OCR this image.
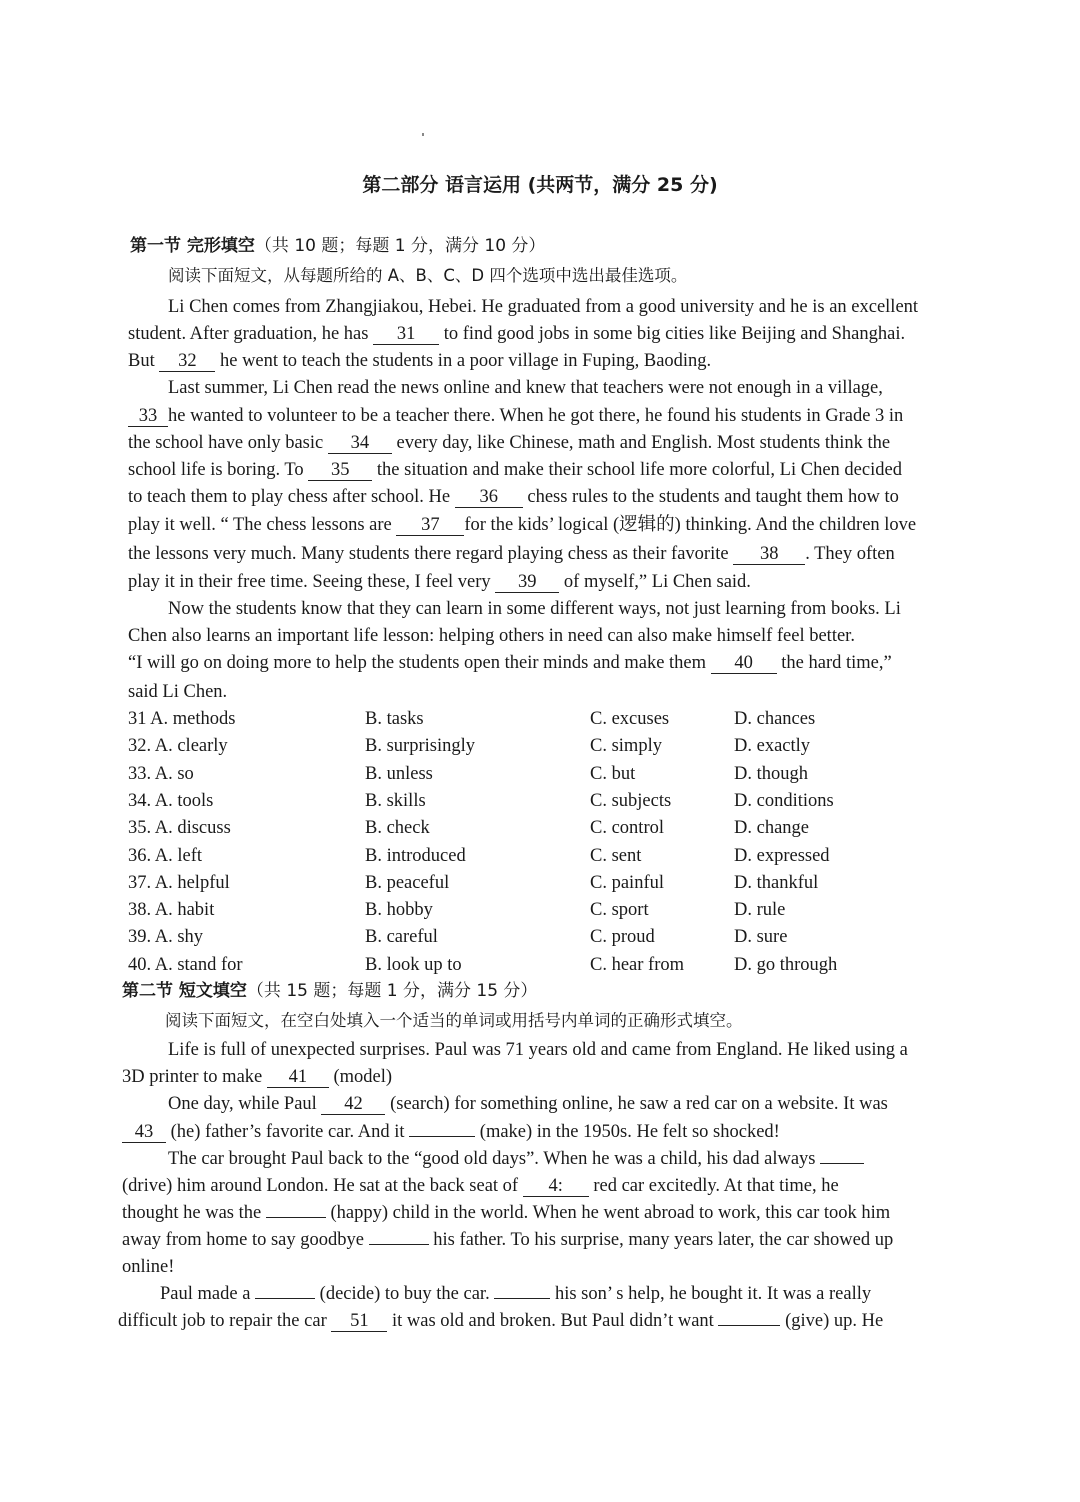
第二部分 语言运用 (共两节，满分 25 分)
第一节 完形填空（共 10 题；每题 1 分，满分 10 分）
阅读下面短文，从每题所给的 A、B、C、D 四个选项中选出最佳选项。
Li Chen comes from Zhangjiakou, Hebei. He graduated from a good university and he is an excellent
student. After graduation, he has 31 to find good jobs in some big cities like Beijing and Shanghai.
But 32 he went to teach the students in a poor village in Fuping, Baoding.
Last summer, Li Chen read the news online and knew that teachers were not enough in a village,
33 he wanted to volunteer to be a teacher there. When he got there, he found his students in Grade 3 in
the school have only basic 34 every day, like Chinese, math and English. Most students think the
school life is boring. To 35 the situation and make their school life more colorful, Li Chen decided
to teach them to play chess after school. He 36 chess rules to the students and taught them how to
play it well. “ The chess lessons are 37 for the kids’ logical (逻辑的) thinking. And the children love
the lessons very much. Many students there regard playing chess as their favorite 38 . They often
play it in their free time. Seeing these, I feel very 39 of myself,” Li Chen said.
Now the students know that they can learn in some different ways, not just learning from books. Li
Chen also learns an important life lesson: helping others in need can also make himself feel better.
“I will go on doing more to help the students open their minds and make them 40 the hard time,”
said Li Chen.
31 A. methods	B. tasks	C. excuses	D. chances
32. A. clearly	B. surprisingly	C. simply	D. exactly
33. A. so	B. unless	C. but	D. though
34. A. tools	B. skills	C. subjects	D. conditions
35. A. discuss	B. check	C. control	D. change
36. A. left	B. introduced	C. sent	D. expressed
37. A. helpful	B. peaceful	C. painful	D. thankful
38. A. habit	B. hobby	C. sport	D. rule
39. A. shy	B. careful	C. proud	D. sure
40. A. stand for	B. look up to	C. hear from	D. go through
第二节 短文填空（共 15 题；每题 1 分，满分 15 分）
阅读下面短文，在空白处填入一个适当的单词或用括号内单词的正确形式填空。
Life is full of unexpected surprises. Paul was 71 years old and came from England. He liked using a
3D printer to make 41 (model)
One day, while Paul 42 (search) for something online, he saw a red car on a website. It was
43 (he) father’s favorite car. And it	(make) in the 1950s. He felt so shocked!
The car brought Paul back to the “good old days”. When he was a child, his dad always
(drive) him around London. He sat at the back seat of 4: red car excitedly. At that time, he
thought he was the	(happy) child in the world. When he went abroad to work, this car took him
away from home to say goodbye	his father. To his surprise, many years later, the car showed up
online!
Paul made a	(decide) to buy the car.	his son’ s help, he bought it. It was a really
difficult job to repair the car 51 it was old and broken. But Paul didn’t want	(give) up. He
